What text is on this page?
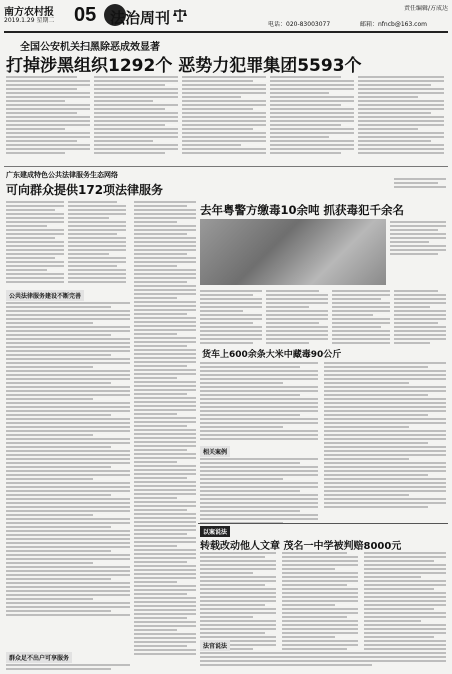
南方农村报
2019.1.29 星期二 05 法治周刊
责任编辑/方成达
电话：020-83003077	邮箱：nfncb@163.com
全国公安机关扫黑除恶成效显著
打掉涉黑组织1292个 恶势力犯罪集团5593个
广东建成特色公共法律服务生态网络
可向群众提供172项法律服务
公共法律服务建设不断完善
群众足不出户可享服务
去年粤警方缴毒10余吨 抓获毒犯千余名
货车上600余条大米中藏毒90公斤
相关案例
以案说法
转载改动他人文章 茂名一中学被判赔8000元
法官说法
